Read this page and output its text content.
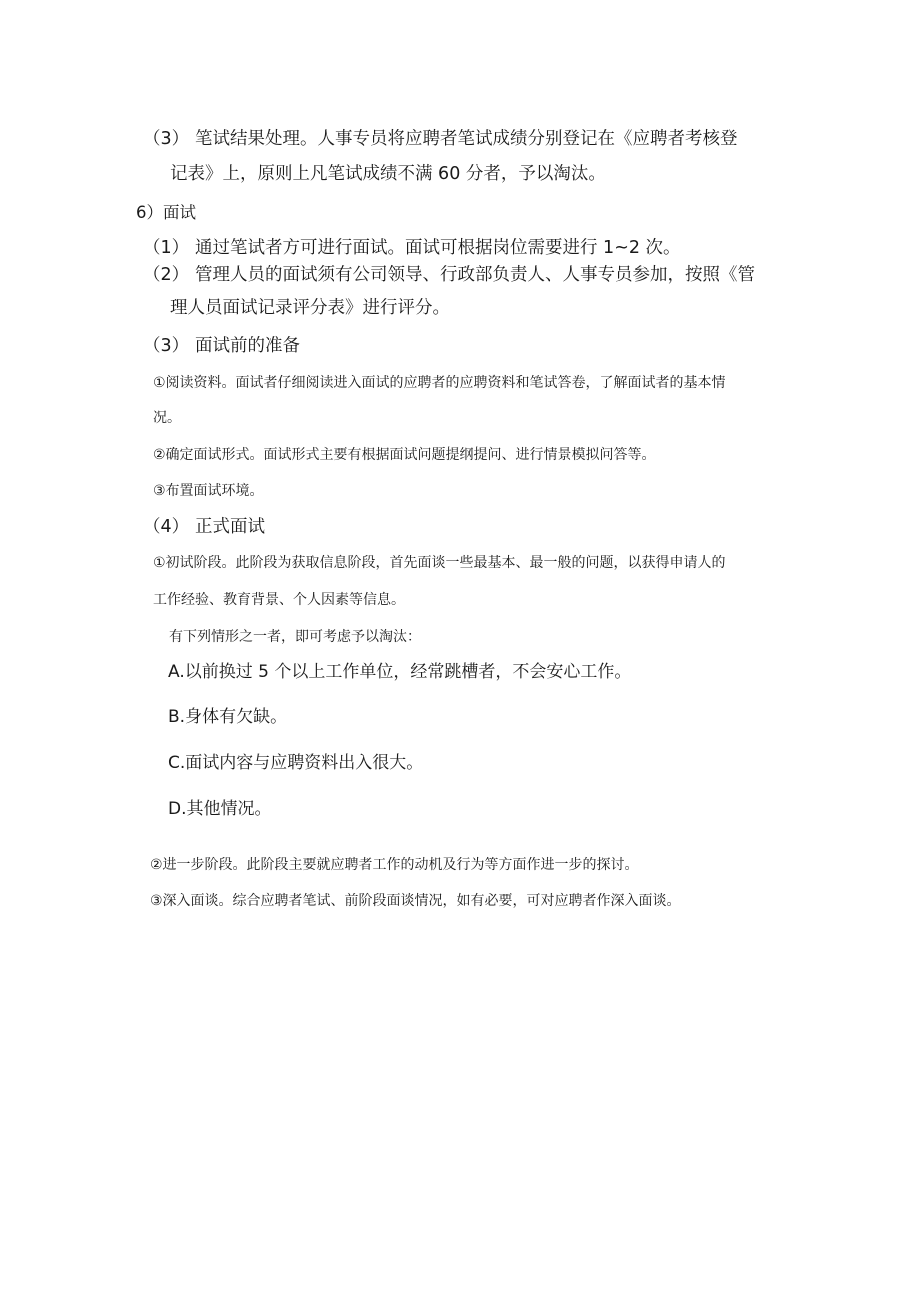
（3） 笔试结果处理。人事专员将应聘者笔试成绩分别登记在《应聘者考核登
记表》上，原则上凡笔试成绩不满 60 分者，予以淘汰。
6）面试
（1） 通过笔试者方可进行面试。面试可根据岗位需要进行 1~2 次。
（2） 管理人员的面试须有公司领导、行政部负责人、人事专员参加，按照《管
理人员面试记录评分表》进行评分。
（3） 面试前的准备
①阅读资料。面试者仔细阅读进入面试的应聘者的应聘资料和笔试答卷，了解面试者的基本情
况。
②确定面试形式。面试形式主要有根据面试问题提纲提问、进行情景模拟问答等。
③布置面试环境。
（4） 正式面试
①初试阶段。此阶段为获取信息阶段，首先面谈一些最基本、最一般的问题，以获得申请人的
工作经验、教育背景、个人因素等信息。
有下列情形之一者，即可考虑予以淘汰：
A.以前换过 5 个以上工作单位，经常跳槽者，不会安心工作。
B.身体有欠缺。
C.面试内容与应聘资料出入很大。
D.其他情况。
②进一步阶段。此阶段主要就应聘者工作的动机及行为等方面作进一步的探讨。
③深入面谈。综合应聘者笔试、前阶段面谈情况，如有必要，可对应聘者作深入面谈。
